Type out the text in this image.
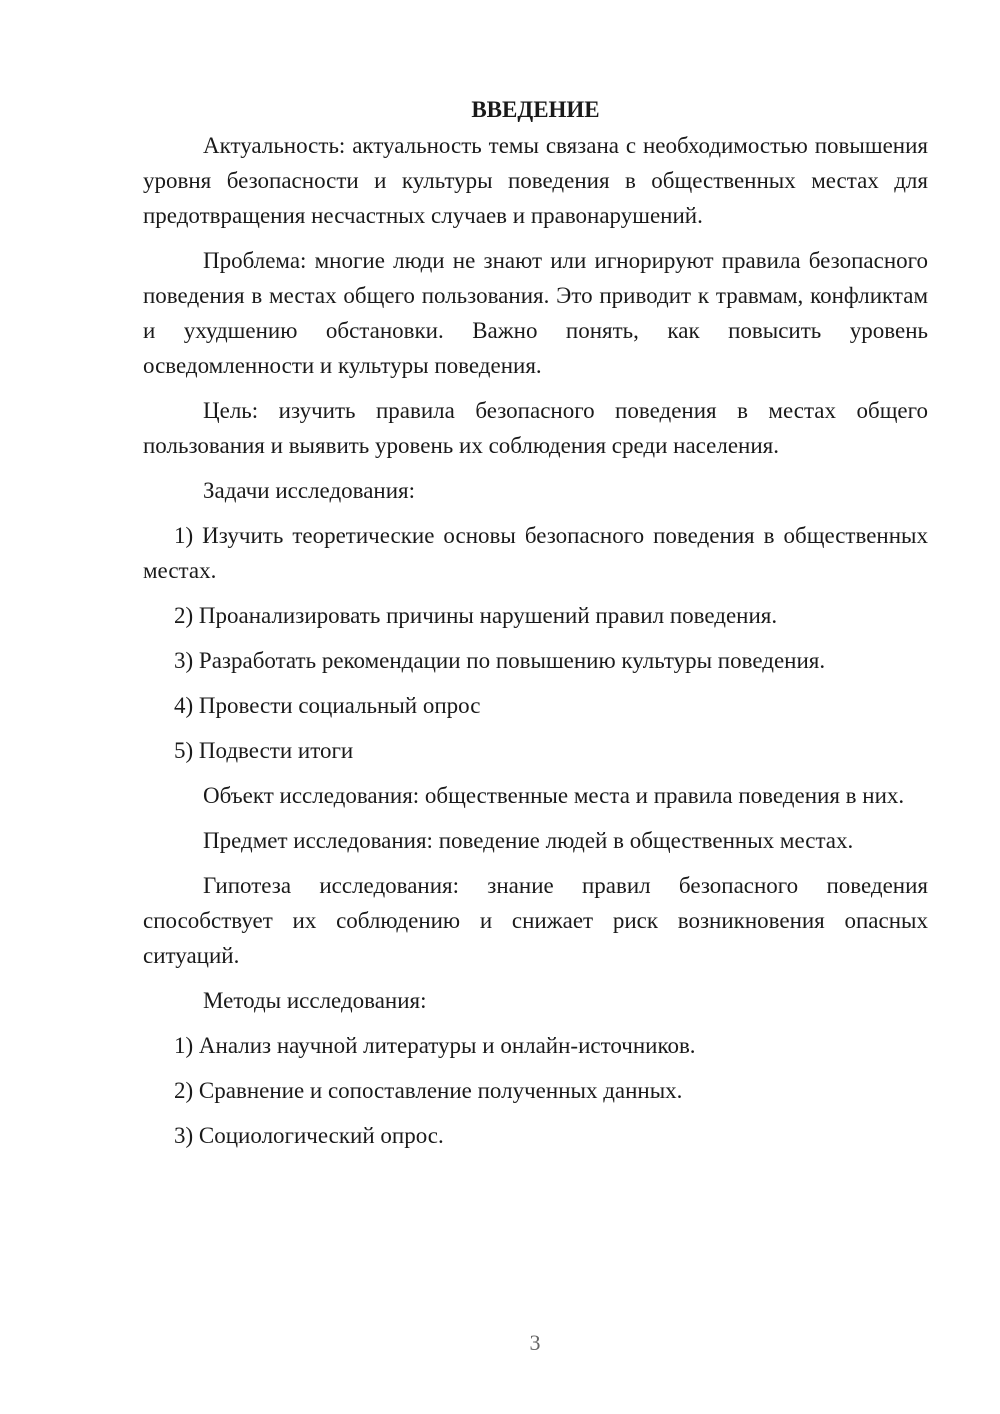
ВВЕДЕНИЕ

Актуальность: актуальность темы связана с необходимостью повышения уровня безопасности и культуры поведения в общественных местах для предотвращения несчастных случаев и правонарушений.

Проблема: многие люди не знают или игнорируют правила безопасного поведения в местах общего пользования. Это приводит к травмам, конфликтам и ухудшению обстановки. Важно понять, как повысить уровень осведомленности и культуры поведения.

Цель: изучить правила безопасного поведения в местах общего пользования и выявить уровень их соблюдения среди населения.

Задачи исследования:

1) Изучить теоретические основы безопасного поведения в общественных местах.

2) Проанализировать причины нарушений правил поведения.

3) Разработать рекомендации по повышению культуры поведения.

4) Провести социальный опрос

5) Подвести итоги

Объект исследования: общественные места и правила поведения в них.

Предмет исследования: поведение людей в общественных местах.

Гипотеза исследования: знание правил безопасного поведения способствует их соблюдению и снижает риск возникновения опасных ситуаций.

Методы исследования:

1) Анализ научной литературы и онлайн-источников.

2) Сравнение и сопоставление полученных данных.

3) Социологический опрос.

3
